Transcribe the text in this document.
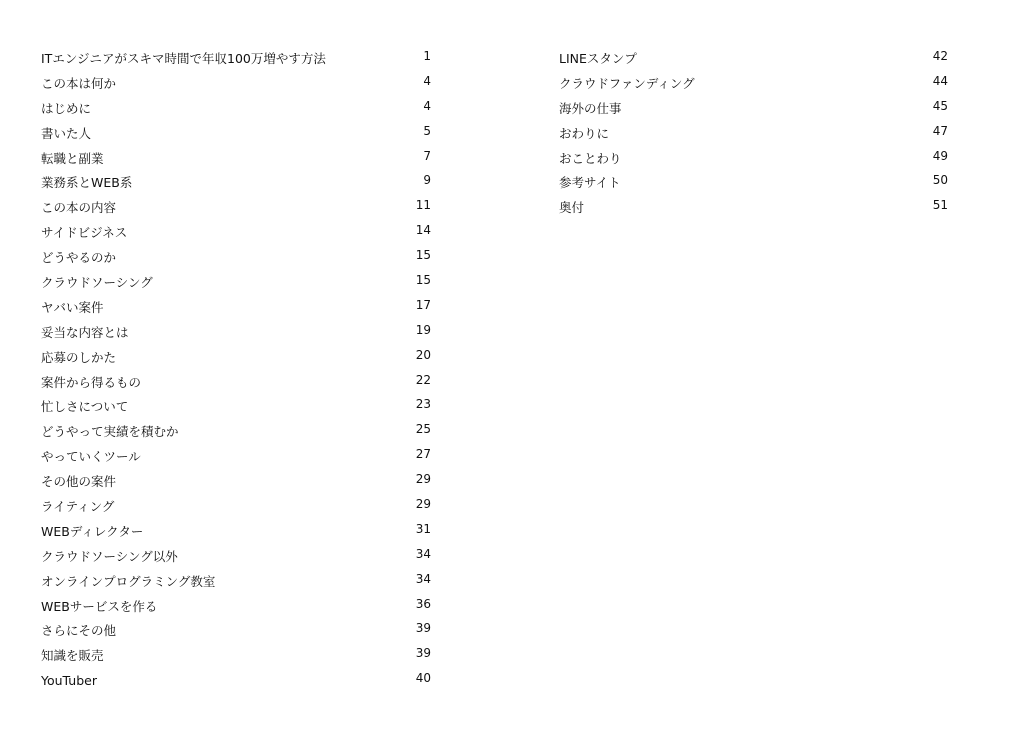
ITエンジニアがスキマ時間で年収100万増やす方法	1
この本は何か	4
はじめに	4
書いた人	5
転職と副業	7
業務系とWEB系	9
この本の内容	11
サイドビジネス	14
どうやるのか	15
クラウドソーシング	15
ヤバい案件	17
妥当な内容とは	19
応募のしかた	20
案件から得るもの	22
忙しさについて	23
どうやって実績を積むか	25
やっていくツール	27
その他の案件	29
ライティング	29
WEBディレクター	31
クラウドソーシング以外	34
オンラインプログラミング教室	34
WEBサービスを作る	36
さらにその他	39
知識を販売	39
YouTuber	40
LINEスタンプ	42
クラウドファンディング	44
海外の仕事	45
おわりに	47
おことわり	49
参考サイト	50
奥付	51
